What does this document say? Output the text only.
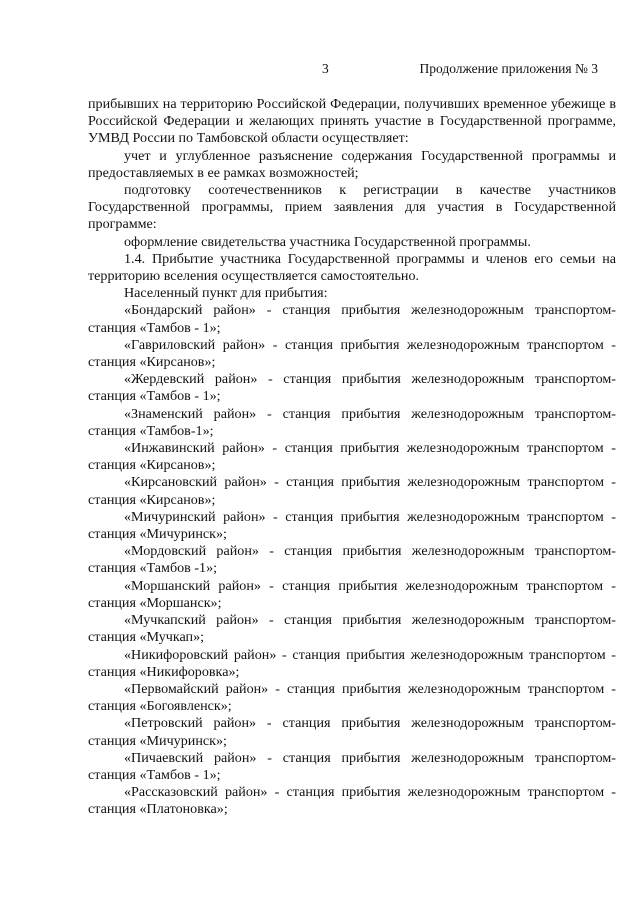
3	Продолжение приложения № 3

прибывших на территорию Российской Федерации, получивших временное убежище в Российской Федерации и желающих принять участие в Государственной программе, УМВД России по Тамбовской области осуществляет:

учет и углубленное разъяснение содержания Государственной программы и предоставляемых в ее рамках возможностей;

подготовку соотечественников к регистрации в качестве участников Государственной программы, прием заявления для участия в Государственной программе:

оформление свидетельства участника Государственной программы.

1.4. Прибытие участника Государственной программы и членов его семьи на территорию вселения осуществляется самостоятельно.

Населенный пункт для прибытия:

«Бондарский район» - станция прибытия железнодорожным транспортом-станция «Тамбов - 1»;

«Гавриловский район» - станция прибытия железнодорожным транспортом - станция «Кирсанов»;

«Жердевский район» - станция прибытия железнодорожным транспортом-станция «Тамбов - 1»;

«Знаменский район» - станция прибытия железнодорожным транспортом-станция «Тамбов-1»;

«Инжавинский район» - станция прибытия железнодорожным транспортом - станция «Кирсанов»;

«Кирсановский район» - станция прибытия железнодорожным транспортом - станция «Кирсанов»;

«Мичуринский район» - станция прибытия железнодорожным транспортом - станция «Мичуринск»;

«Мордовский район» - станция прибытия железнодорожным транспортом- станция «Тамбов -1»;

«Моршанский район» - станция прибытия железнодорожным транспортом - станция «Моршанск»;

«Мучкапский район» - станция прибытия железнодорожным транспортом-станция «Мучкап»;

«Никифоровский район» - станция прибытия железнодорожным транспортом - станция «Никифоровка»;

«Первомайский район» - станция прибытия железнодорожным транспортом - станция «Богоявленск»;

«Петровский район» - станция прибытия железнодорожным транспортом-станция «Мичуринск»;

«Пичаевский район» - станция прибытия железнодорожным транспортом-станция «Тамбов - 1»;

«Рассказовский район» - станция прибытия железнодорожным транспортом - станция «Платоновка»;
